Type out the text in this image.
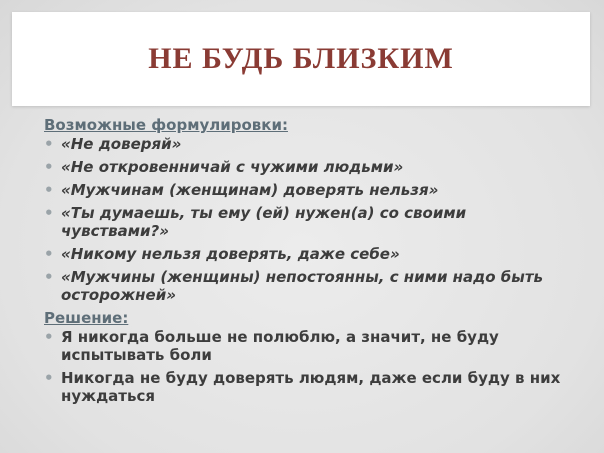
НЕ БУДЬ БЛИЗКИМ

Возможные формулировки:

• «Не доверяй»
• «Не откровенничай с чужими людьми»
• «Мужчинам (женщинам) доверять нельзя»
• «Ты думаешь, ты ему (ей) нужен(а) со своими чувствами?»
• «Никому нельзя доверять, даже себе»
• «Мужчины (женщины) непостоянны, с ними надо быть осторожней»

Решение:

• Я никогда больше не полюблю, а значит, не буду испытывать боли
• Никогда не буду доверять людям, даже если буду в них нуждаться
